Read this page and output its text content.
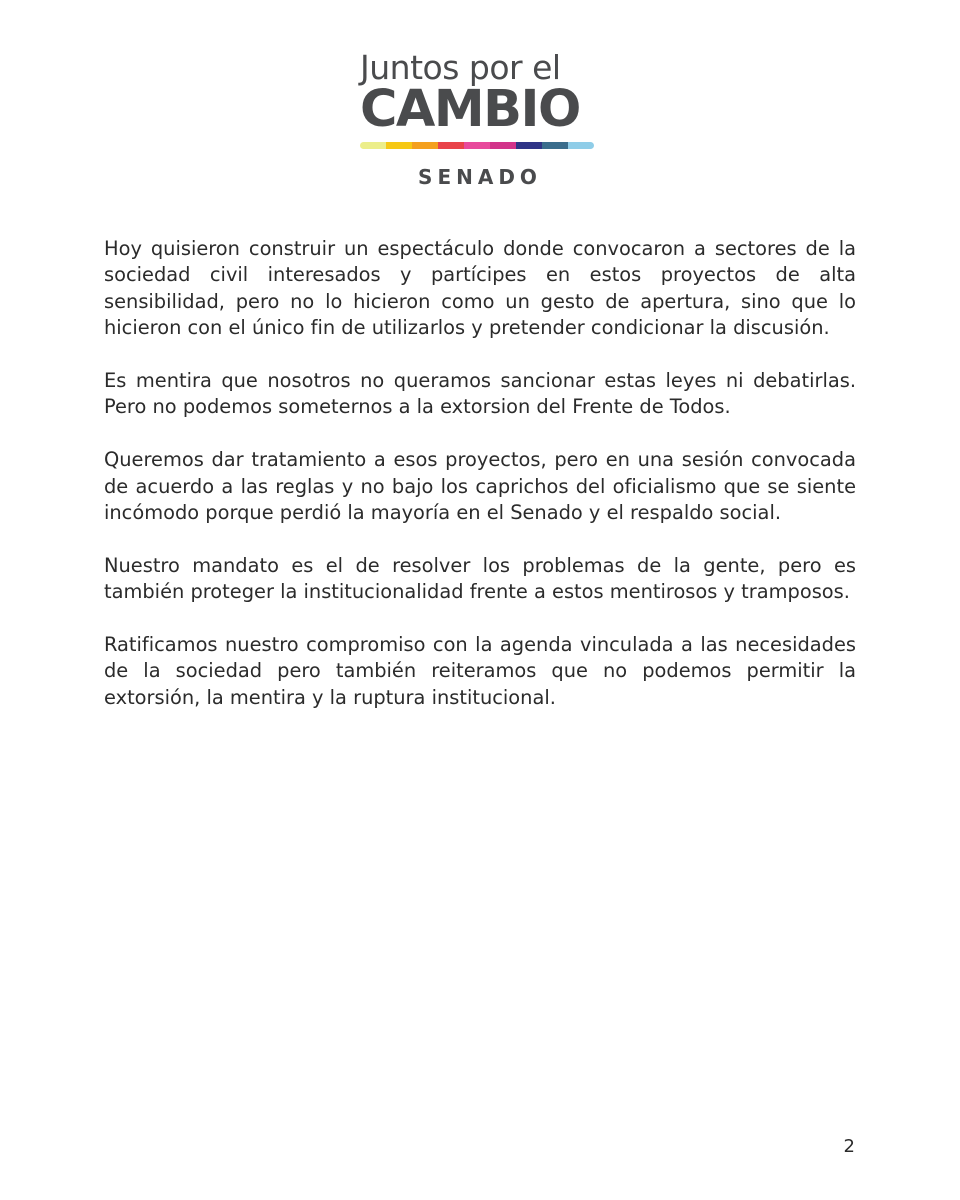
Juntos por el
CAMBIO
SENADO

Hoy quisieron construir un espectáculo donde convocaron a sectores de la sociedad civil interesados y partícipes en estos proyectos de alta sensibilidad, pero no lo hicieron como un gesto de apertura, sino que lo hicieron con el único fin de utilizarlos y pretender condicionar la discusión.

Es mentira que nosotros no queramos sancionar estas leyes ni debatirlas. Pero no podemos someternos a la extorsion del Frente de Todos.

Queremos dar tratamiento a esos proyectos, pero en una sesión convocada de acuerdo a las reglas y no bajo los caprichos del oficialismo que se siente incómodo porque perdió la mayoría en el Senado y el respaldo social.

Nuestro mandato es el de resolver los problemas de la gente, pero es también proteger la institucionalidad frente a estos mentirosos y tramposos.

Ratificamos nuestro compromiso con la agenda vinculada a las necesidades de la sociedad pero también reiteramos que no podemos permitir la extorsión, la mentira y la ruptura institucional.

2
